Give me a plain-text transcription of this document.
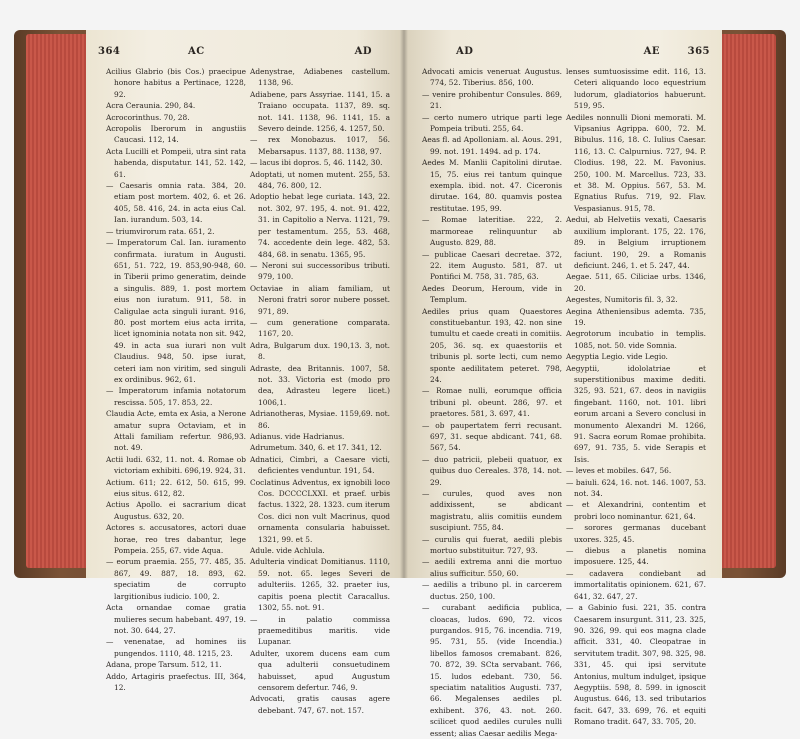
364	AC	AD

Acilius Glabrio (bis Cos.) praecipue honore habitus a Pertinace, 1228, 92.

Acra Ceraunia. 290, 84.

Acrocorinthus. 70, 28.

Acropolis Iberorum in angustiis Caucasi. 112, 14.

Acta Lucilli et Pompeii, utra sint rata habenda, disputatur. 141, 52. 142, 61.

— Caesaris omnia rata. 384, 20. etiam post mortem. 402, 6. et 26. 405, 58. 416, 24. in acta eius Cal. Ian. iurandum. 503, 14.

— triumvirorum rata. 651, 2.

— Imperatorum Cal. Ian. iuramento confirmata. iuratum in Augusti. 651, 51. 722, 19. 853,90-948, 60. in Tiberii primo generatim, deinde a singulis. 889, 1. post mortem eius non iuratum. 911, 58. in Caligulae acta singuli iurant. 916, 80. post mortem eius acta irrita, licet ignominia notata non sit. 942, 49. in acta sua iurari non vult Claudius. 948, 50. ipse iurat, ceteri iam non viritim, sed singuli ex ordinibus. 962, 61.

— Imperatorum infamia notatorum rescissa. 505, 17. 853, 22.

Claudia Acte, emta ex Asia, a Nerone amatur supra Octaviam, et in Attali familiam refertur. 986,93. not. 49.

Actii ludi. 632, 11. not. 4. Romae ob victoriam exhibiti. 696,19. 924, 31.

Actium. 611; 22. 612, 50. 615, 99. eius situs. 612, 82.

Actius Apollo. ei sacrarium dicat Augustus. 632, 20.

Actores s. accusatores, actori duae horae, reo tres dabantur, lege Pompeia. 255, 67. vide Aqua.

— eorum praemia. 255, 77. 485, 35. 867, 49. 887, 18. 893, 62. speciatim de corrupto largitionibus iudicio. 100, 2.

Acta ornandae comae gratia mulieres secum habebant. 497, 19. not. 30. 644, 27.

— venenatae, ad homines iis pungendos. 1110, 48. 1215, 23.

Adana, prope Tarsum. 512, 11.

Addo, Artagiris praefectus. III, 364, 12.

Adenystrae, Adiabenes castellum. 1138, 96.

Adiabene, pars Assyriae. 1141, 15. a Traiano occupata. 1137, 89. sq. not. 141. 1138, 96. 1141, 15. a Severo deinde. 1256, 4. 1257, 50.

— rex Monobazus. 1017, 56. Mebarsapus. 1137, 88. 1138, 97.

— lacus ibi dopros. 5, 46. 1142, 30.

Adoptati, ut nomen mutent. 255, 53. 484, 76. 800, 12.

Adoptio hebat lege curiata. 143, 22. not. 302, 97. 195, 4. not. 91. 422, 31. in Capitolio a Nerva. 1121, 79. per testamentum. 255, 53. 468, 74. accedente dein lege. 482, 53. 484, 68. in senatu. 1365, 95.

— Neroni sui successoribus tributi. 979, 100.

Octaviae in aliam familiam, ut Neroni fratri soror nubere posset. 971, 89.

— cum generatione comparata. 1167, 20.

Adra, Bulgarum dux. 190,13. 3, not. 8.

Adraste, dea Britannis. 1007, 58. not. 33. Victoria est (modo pro dea, Adrasteu legere licet.) 1006,1.

Adrianotheras, Mysiae. 1159,69. not. 86.

Adianus. vide Hadrianus.

Adrumetum. 340, 6. et 17. 341, 12.

Adnatici, Cimbri, a Caesare victi, deficientes venduntur. 191, 54.

Coclatinus Adventus, ex ignobili loco Cos. DCCCCLXXI. et praef. urbis factus. 1322, 28. 1323. cum iterum Cos. dici non vult Macrinus, quod ornamenta consularia habuisset. 1321, 99. et 5.

Adule. vide Achlula.

Adulteria vindicat Domitianus. 1110, 59. not. 65. leges Severi de adulteriis. 1265, 32. praeter ius, capitis poena plectit Caracallus. 1302, 55. not. 91.

— in palatio commissa praemeditibus maritis. vide Lupanar.

Adulter, uxorem ducens eam cum qua adulterii consuetudinem habuisset, apud Augustum censorem defertur. 746, 9.

Advocati, gratis causas agere debebant. 747, 67. not. 157.

AD	AE	365

Advocati amicis veneruat Augustus. 774, 52. Tiberius. 856, 100.

— venire prohibentur Consules. 869, 21.

— certo numero utrique parti lege Pompeia tributi. 255, 64.

Aeas fl. ad Apolloniam. al. Aous. 291, 99. not. 191. 1494. ad p. 174.

Aedes M. Manlii Capitolini dirutae. 15, 75. eius rei tantum quinque exempla. ibid. not. 47. Ciceronis dirutae. 164, 80. quamvis postea restitutae. 195, 99.

— Romae lateritiae. 222, 2. marmoreae relinquuntur ab Augusto. 829, 88.

— publicae Caesari decretae. 372, 22. item Augusto. 581, 87. ut Pontifici M. 758, 31. 785, 63.

Aedes Deorum, Heroum, vide in Templum.

Aediles prius quam Quaestores constituebantur. 193, 42. non sine tumultu et caede creati in comitiis. 205, 36. sq. ex quaestoriis et tribunis pl. sorte lecti, cum nemo sponte aedilitatem peteret. 798, 24.

— Romae nulli, eorumque officia tribuni pl. obeunt. 286, 97. et praetores. 581, 3. 697, 41.

— ob paupertatem ferri recusant. 697, 31. seque abdicant. 741, 68. 567, 54.

— duo patricii, plebeii quatuor, ex quibus duo Cereales. 378, 14. not. 29.

— curules, quod aves non addixissent, se abdicant magistratu, aliis comitiis eundem suscipiunt. 755, 84.

— curulis qui fuerat, aedili plebis mortuo substituitur. 727, 93.

— aedili extrema anni die mortuo alius sufficitur. 550, 60.

— aedilis a tribuno pl. in carcerem ductus. 250, 100.

— curabant aedificia publica, cloacas, ludos. 690, 72. vicos purgandos. 915, 76. incendia. 719, 95. 731, 55. (vide Incendia.) libellos famosos cremabant. 826, 70. 872, 39. SCta servabant. 766, 15. ludos edebant. 730, 56. speciatim natalitios Augusti. 737, 66. Megalenses aediles pl. exhibent. 376, 43. not. 260. scilicet quod aediles curules nulli essent; alias Caesar aedilis Mega-

lenses sumtuosissime edit. 116, 13. Ceteri aliquando loco equestrium ludorum, gladiatorios habuerunt. 519, 95.

Aediles nonnulli Dioni memorati. M. Vipsanius Agrippa. 600, 72. M. Bibulus. 116, 18. C. Iulius Caesar. 116, 13. C. Calpurnius. 727, 94. P. Clodius. 198, 22. M. Favonius. 250, 100. M. Marcellus. 723, 33. et 38. M. Oppius. 567, 53. M. Egnatius Rufus. 719, 92. Flav. Vespasianus. 915, 78.

Aedui, ab Helvetiis vexati, Caesaris auxilium implorant. 175, 22. 176, 89. in Belgium irruptionem faciunt. 190, 29. a Romanis deficiunt. 246, 1. et 5. 247, 44.

Aegae. 511, 65. Ciliciae urbs. 1346, 20.

Aegestes, Numitoris fil. 3, 32.

Aegina Atheniensibus ademta. 735, 19.

Aegrotorum incubatio in templis. 1085, not. 50. vide Somnia.

Aegyptia Legio. vide Legio.

Aegyptii, idololatriae et superstitionibus maxime dediti. 325, 93. 521, 67. deos in navigiis fingebant. 1160, not. 101. libri eorum arcani a Severo conclusi in monumento Alexandri M. 1266, 91. Sacra eorum Romae prohibita. 697, 91. 735, 5. vide Serapis et Isis.

— leves et mobiles. 647, 56.

— baiuli. 624, 16. not. 146. 1007, 53. not. 34.

— et Alexandrini, contentim et probri loco nominantur. 621, 64.

— sorores germanas ducebant uxores. 325, 45.

— diebus a planetis nomina imposuere. 125, 44.

— cadavera condiebant ad immortalitatis opinionem. 621, 67. 641, 32. 647, 27.

— a Gabinio fusi. 221, 35. contra Caesarem insurgunt. 311, 23. 325, 90. 326, 99. qui eos magna clade afficit. 331, 40. Cleopatrae in servitutem tradit. 307, 98. 325, 98. 331, 45. qui ipsi servitute Antonius, multum indulget, ipsique Aegyptiis. 598, 8. 599. in ignoscit Augustus. 646, 13. sed tributarios facit. 647, 33. 699, 76. et equiti Romano tradit. 647, 33. 705, 20.
